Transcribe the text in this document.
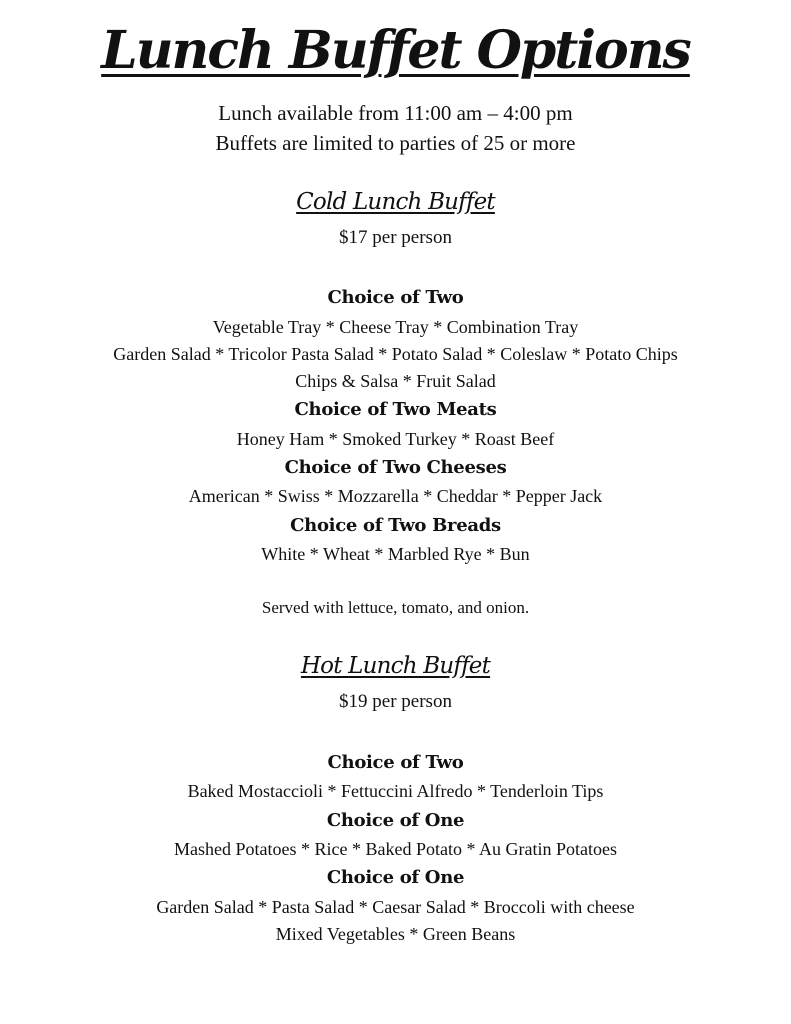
Lunch Buffet Options
Lunch available from 11:00 am – 4:00 pm
Buffets are limited to parties of 25 or more
Cold Lunch Buffet
$17 per person
Choice of Two
Vegetable Tray * Cheese Tray * Combination Tray
Garden Salad * Tricolor Pasta Salad * Potato Salad * Coleslaw * Potato Chips
Chips & Salsa * Fruit Salad
Choice of Two Meats
Honey Ham * Smoked Turkey * Roast Beef
Choice of Two Cheeses
American * Swiss * Mozzarella * Cheddar * Pepper Jack
Choice of Two Breads
White * Wheat * Marbled Rye * Bun
Served with lettuce, tomato, and onion.
Hot Lunch Buffet
$19 per person
Choice of Two
Baked Mostaccioli * Fettuccini Alfredo * Tenderloin Tips
Choice of One
Mashed Potatoes * Rice * Baked Potato * Au Gratin Potatoes
Choice of One
Garden Salad * Pasta Salad * Caesar Salad * Broccoli with cheese
Mixed Vegetables * Green Beans
